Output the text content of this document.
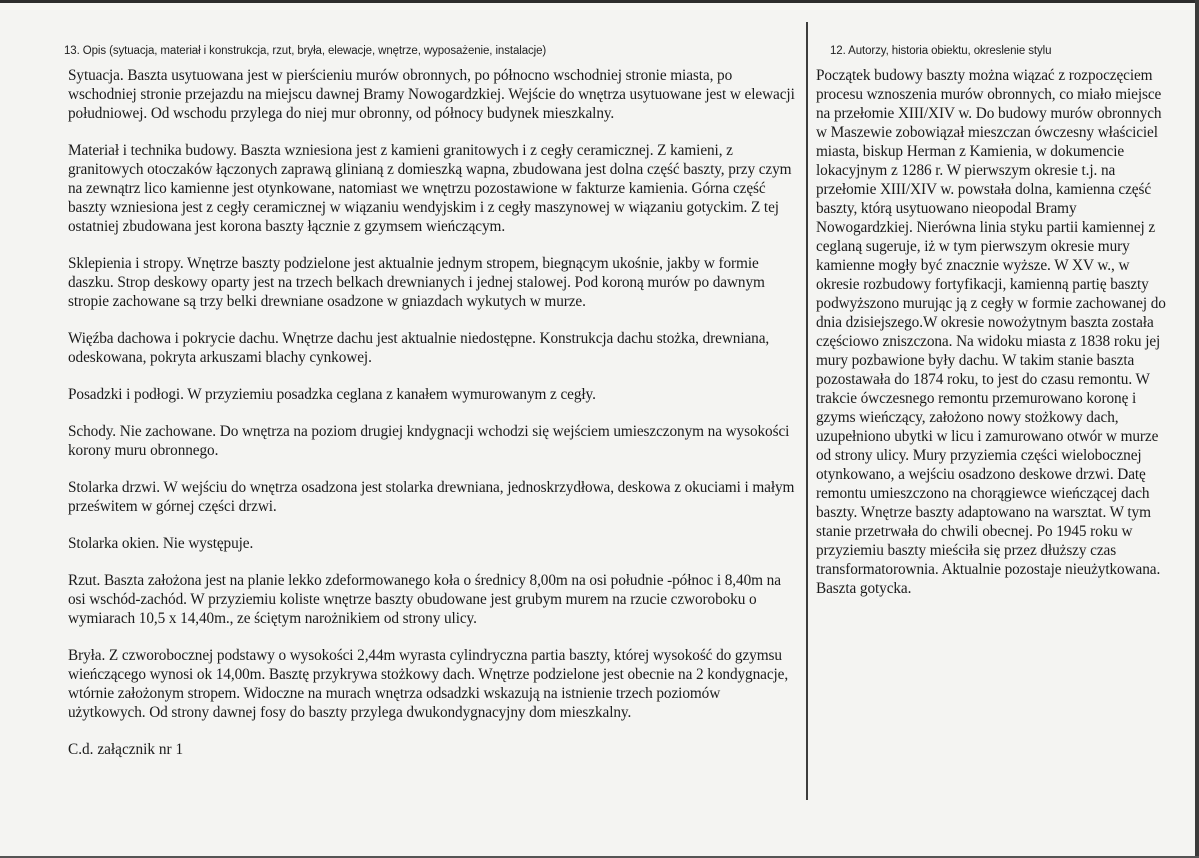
13. Opis (sytuacja, materiał i konstrukcja, rzut, bryła, elewacje, wnętrze, wyposażenie, instalacje)

Sytuacja. Baszta usytuowana jest w pierścieniu murów obronnych, po północno wschodniej stronie miasta, po wschodniej stronie przejazdu na miejscu dawnej Bramy Nowogardzkiej. Wejście do wnętrza usytuowane jest w elewacji południowej. Od wschodu przylega do niej mur obronny, od północy budynek mieszkalny.

Materiał i technika budowy. Baszta wzniesiona jest z kamieni granitowych i z cegły ceramicznej. Z kamieni, z granitowych otoczaków łączonych zaprawą glinianą z domieszką wapna, zbudowana jest dolna część baszty, przy czym na zewnątrz lico kamienne jest otynkowane, natomiast we wnętrzu pozostawione w fakturze kamienia. Górna część baszty wzniesiona jest z cegły ceramicznej w wiązaniu wendyjskim i z cegły maszynowej w wiązaniu gotyckim. Z tej ostatniej zbudowana jest korona baszty łącznie z gzymsem wieńczącym.

Sklepienia i stropy. Wnętrze baszty podzielone jest aktualnie jednym stropem, biegnącym ukośnie, jakby w formie daszku. Strop deskowy oparty jest na trzech belkach drewnianych i jednej stalowej. Pod koroną murów po dawnym stropie zachowane są trzy belki drewniane osadzone w gniazdach wykutych w murze.

Więźba dachowa i pokrycie dachu. Wnętrze dachu jest aktualnie niedostępne. Konstrukcja dachu stożka, drewniana, odeskowana, pokryta arkuszami blachy cynkowej.

Posadzki i podłogi. W przyziemiu posadzka ceglana z kanałem wymurowanym z cegły.

Schody. Nie zachowane. Do wnętrza na poziom drugiej kndygnacji wchodzi się wejściem umieszczonym na wysokości korony muru obronnego.

Stolarka drzwi. W wejściu do wnętrza osadzona jest stolarka drewniana, jednoskrzydłowa, deskowa z okuciami i małym prześwitem w górnej części drzwi.

Stolarka okien. Nie występuje.

Rzut. Baszta założona jest na planie lekko zdeformowanego koła o średnicy 8,00m na osi południe -północ i 8,40m na osi wschód-zachód. W przyziemiu koliste wnętrze baszty obudowane jest grubym murem na rzucie czworoboku o wymiarach 10,5 x 14,40m., ze ściętym narożnikiem od strony ulicy.

Bryła. Z czworobocznej podstawy o wysokości 2,44m wyrasta cylindryczna partia baszty, której wysokość do gzymsu wieńczącego wynosi ok 14,00m. Basztę przykrywa stożkowy dach. Wnętrze podzielone jest obecnie na 2 kondygnacje, wtórnie założonym stropem. Widoczne na murach wnętrza odsadzki wskazują na istnienie trzech poziomów użytkowych. Od strony dawnej fosy do baszty przylega dwukondygnacyjny dom mieszkalny.

C.d. załącznik nr 1
12. Autorzy, historia obiektu, okreslenie stylu

Początek budowy baszty można wiązać z rozpoczęciem procesu wznoszenia murów obronnych, co miało miejsce na przełomie XIII/XIV w. Do budowy murów obronnych w Maszewie zobowiązał mieszczan ówczesny właściciel miasta, biskup Herman z Kamienia, w dokumencie lokacyjnym z 1286 r. W pierwszym okresie t.j. na przełomie XIII/XIV w. powstała dolna, kamienna część baszty, którą usytuowano nieopodal Bramy Nowogardzkiej. Nierówna linia styku partii kamiennej z ceglaną sugeruje, iż w tym pierwszym okresie mury kamienne mogły być znacznie wyższe. W XV w., w okresie rozbudowy fortyfikacji, kamienną partię baszty podwyższono murując ją z cegły w formie zachowanej do dnia dzisiejszego.W okresie nowożytnym baszta została częściowo zniszczona. Na widoku miasta z 1838 roku jej mury pozbawione były dachu. W takim stanie baszta pozostawała do 1874 roku, to jest do czasu remontu. W trakcie ówczesnego remontu przemurowano koronę i gzyms wieńczący, założono nowy stożkowy dach, uzupełniono ubytki w licu i zamurowano otwór w murze od strony ulicy. Mury przyziemia części wielobocznej otynkowano, a wejściu osadzono deskowe drzwi. Datę remontu umieszczono na chorągiewce wieńczącej dach baszty. Wnętrze baszty adaptowano na warsztat. W tym stanie przetrwała do chwili obecnej. Po 1945 roku w przyziemiu baszty mieściła się przez dłuższy czas transformatorownia. Aktualnie pozostaje nieużytkowana.

Baszta gotycka.
